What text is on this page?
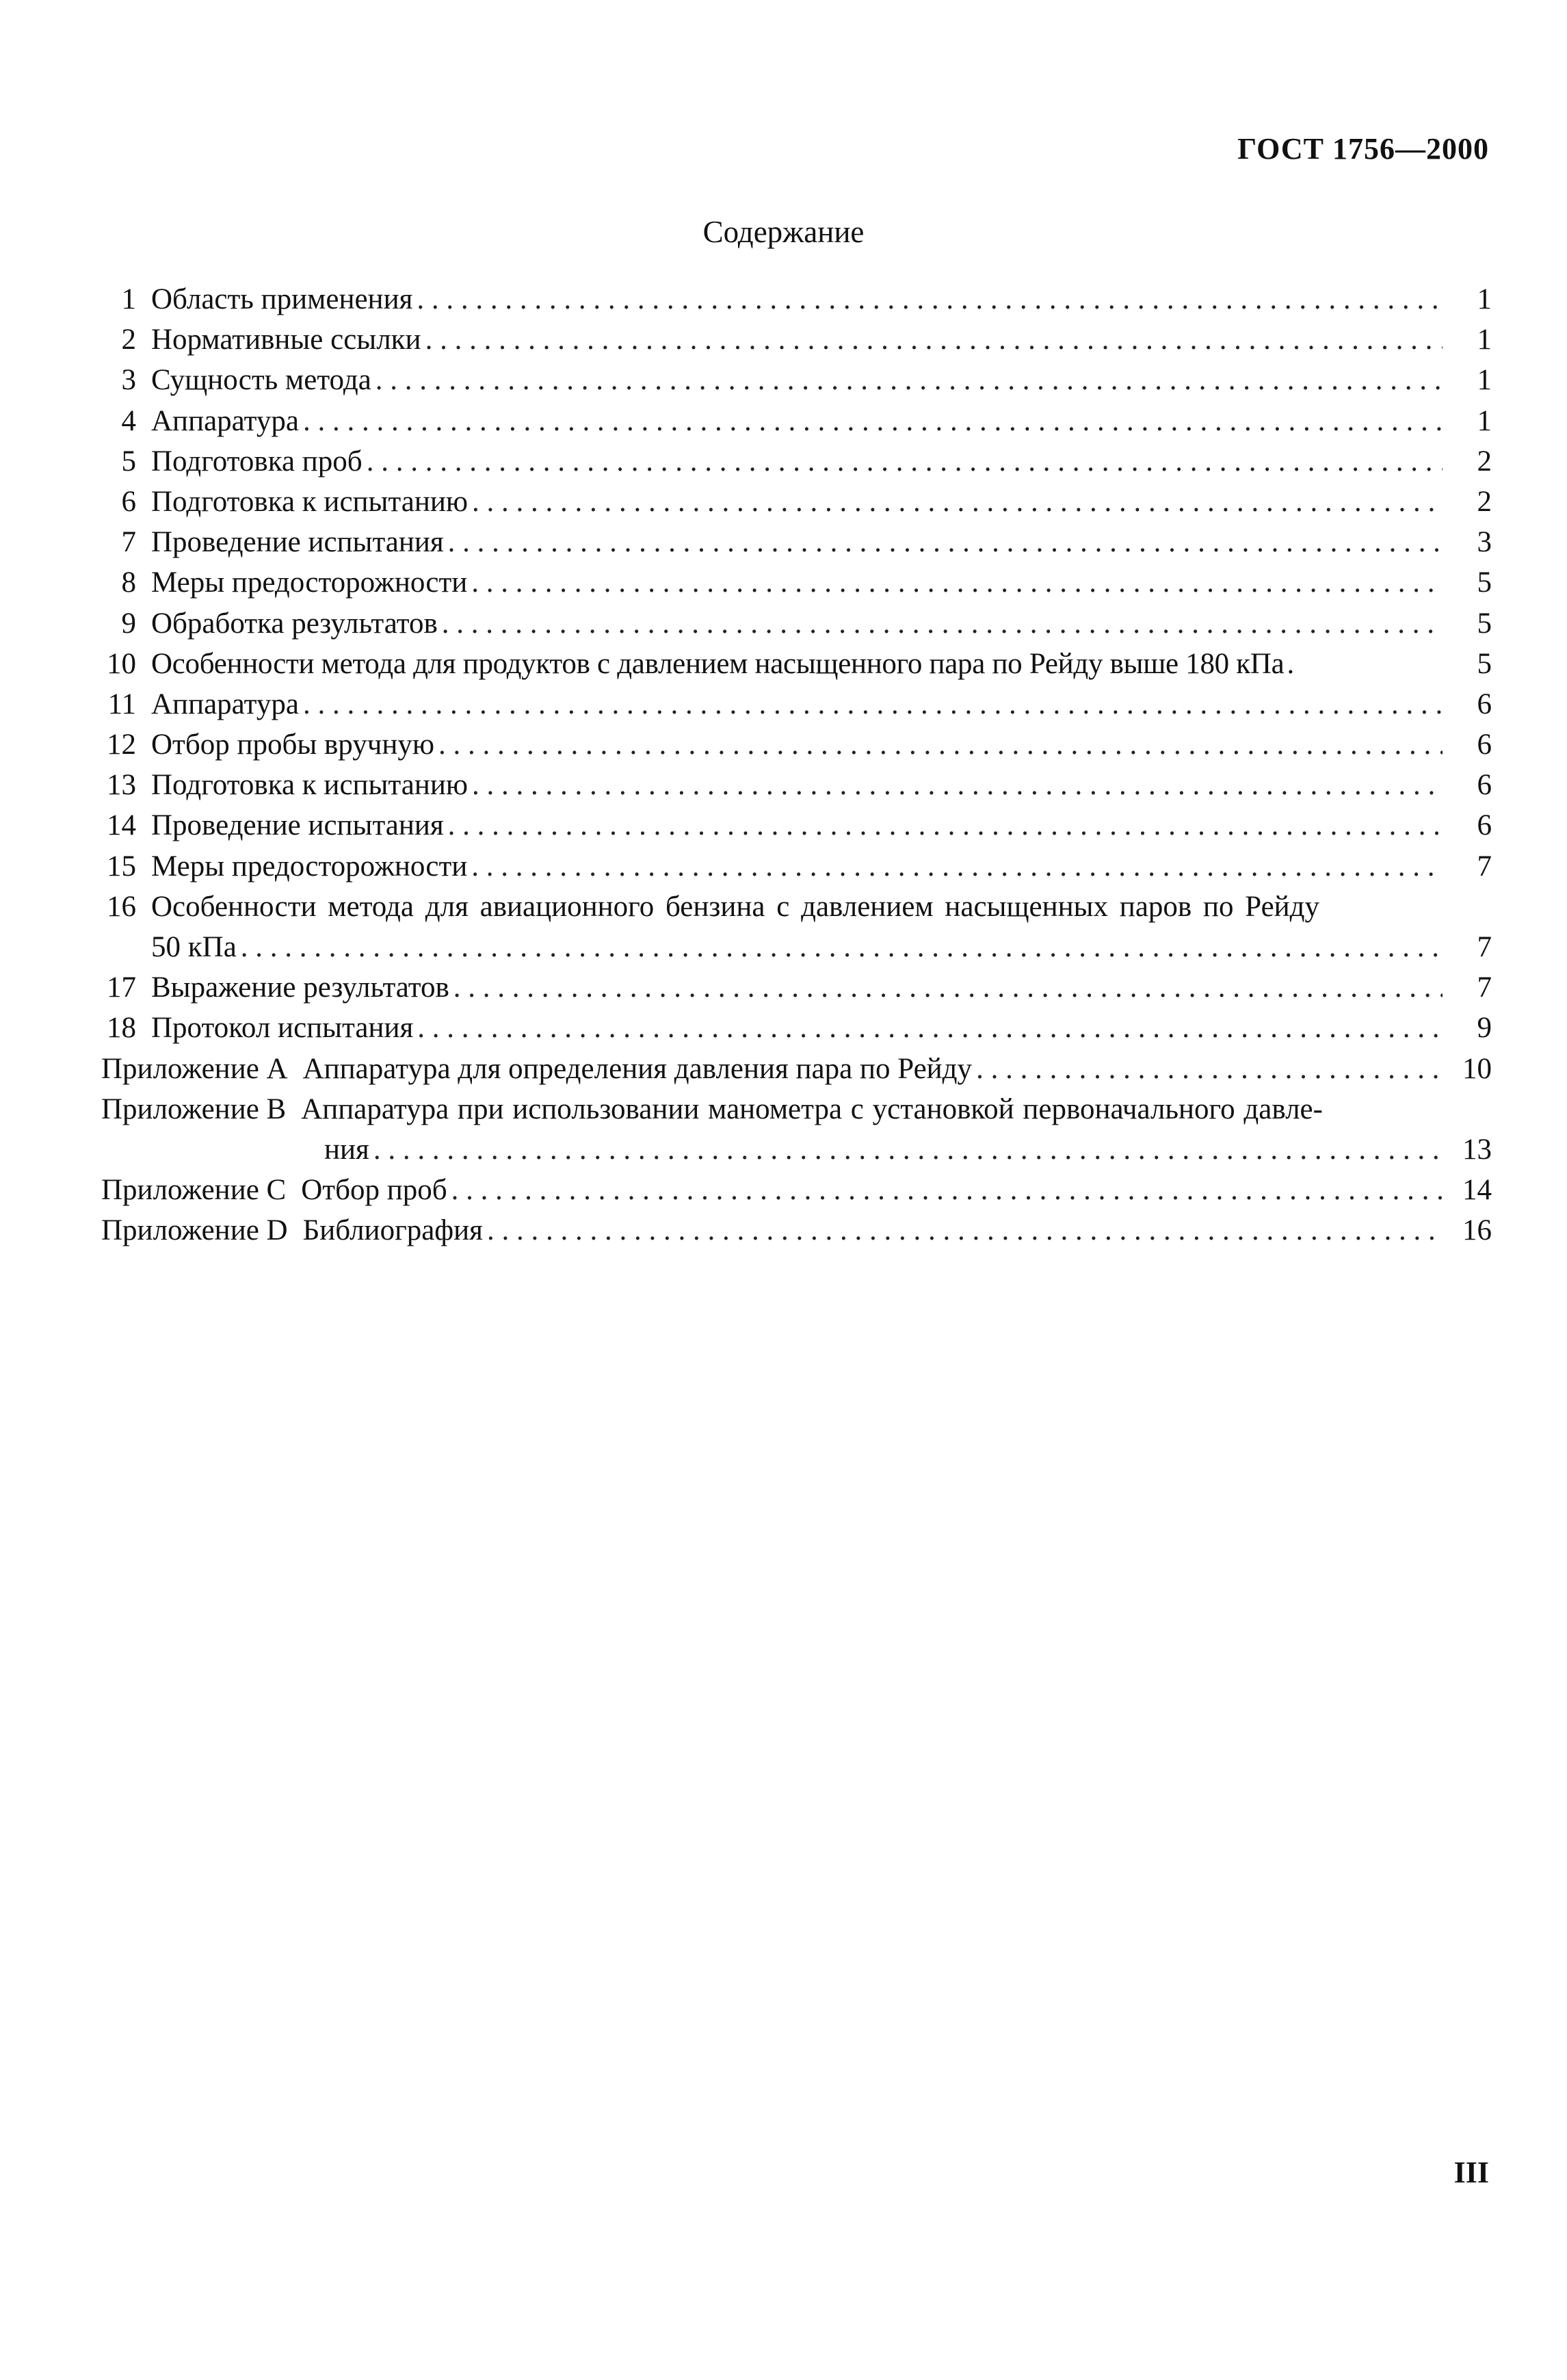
ГОСТ 1756—2000
Содержание
1 Область применения . . .	1
2 Нормативные ссылки . . .	1
3 Сущность метода . . .	1
4 Аппаратура . . .	1
5 Подготовка проб . . .	2
6 Подготовка к испытанию . . .	2
7 Проведение испытания . . .	3
8 Меры предосторожности . . .	5
9 Обработка результатов . . .	5
10 Особенности метода для продуктов с давлением насыщенного пара по Рейду выше 180 кПа .	5
11 Аппаратура . . .	6
12 Отбор пробы вручную . . .	6
13 Подготовка к испытанию . . .	6
14 Проведение испытания . . .	6
15 Меры предосторожности . . .	7
16 Особенности метода для авиационного бензина с давлением насыщенных паров по Рейду
50 кПа . . .	7
17 Выражение результатов . . .	7
18 Протокол испытания . . .	9
Приложение А Аппаратура для определения давления пара по Рейду . . .	10
Приложение В Аппаратура при использовании манометра с установкой первоначального давле-
ния . . .	13
Приложение С Отбор проб . . .	14
Приложение D Библиография . . .	16
III
